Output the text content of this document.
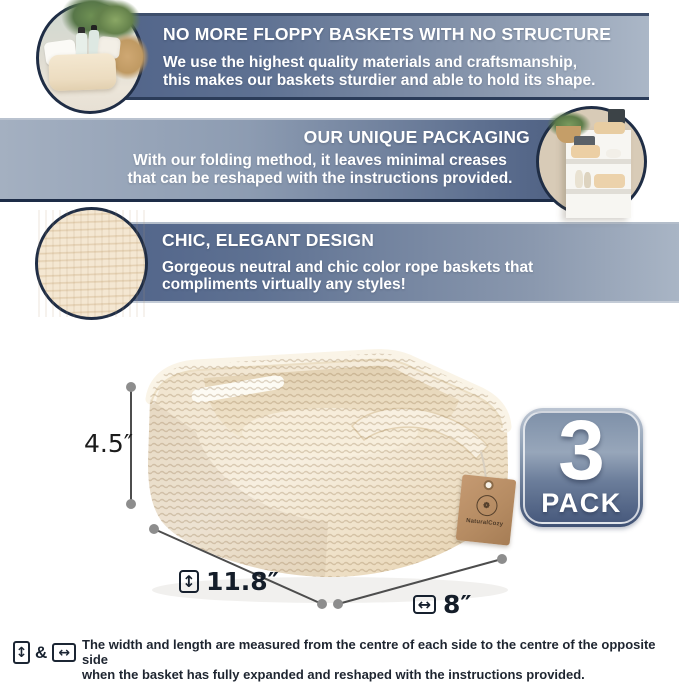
NO MORE FLOPPY BASKETS WITH NO STRUCTURE
We use the highest quality materials and craftsmanship,
this makes our baskets sturdier and able to hold its shape.
OUR UNIQUE PACKAGING
With our folding method, it leaves minimal creases
that can be reshaped with the instructions provided.
CHIC, ELEGANT DESIGN
Gorgeous neutral and chic color rope baskets that
compliments virtually any styles!
4.5″
↕ 11.8″
↔ 8″
3
PACK
❁
NaturalCozy
↕ & ↔ The width and length are measured from the centre of each side to the centre of the opposite side
when the basket has fully expanded and reshaped with the instructions provided.
